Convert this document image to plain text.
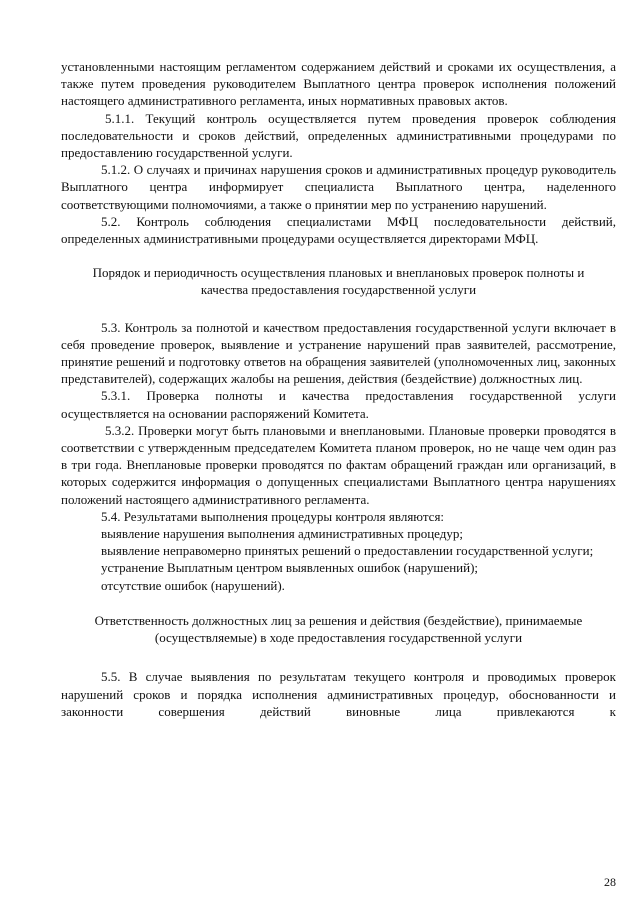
установленными настоящим регламентом содержанием действий и сроками их осуществления, а также путем проведения руководителем Выплатного центра проверок исполнения положений настоящего административного регламента, иных нормативных правовых актов.

5.1.1. Текущий контроль осуществляется путем проведения проверок соблюдения последовательности и сроков действий, определенных административными процедурами по предоставлению государственной услуги.

5.1.2. О случаях и причинах нарушения сроков и административных процедур руководитель Выплатного центра информирует специалиста Выплатного центра, наделенного соответствующими полномочиями, а также о принятии мер по устранению нарушений.

5.2. Контроль соблюдения специалистами МФЦ последовательности действий, определенных административными процедурами осуществляется директорами МФЦ.

Порядок и периодичность осуществления плановых и внеплановых проверок полноты и качества предоставления государственной услуги

5.3. Контроль за полнотой и качеством предоставления государственной услуги включает в себя проведение проверок, выявление и устранение нарушений прав заявителей, рассмотрение, принятие решений и подготовку ответов на обращения заявителей (уполномоченных лиц, законных представителей), содержащих жалобы на решения, действия (бездействие) должностных лиц.

5.3.1. Проверка полноты и качества предоставления государственной услуги осуществляется на основании распоряжений Комитета.

5.3.2. Проверки могут быть плановыми и внеплановыми. Плановые проверки проводятся в соответствии с утвержденным председателем Комитета планом проверок, но не чаще чем один раз в три года. Внеплановые проверки проводятся по фактам обращений граждан или организаций, в которых содержится информация о допущенных специалистами Выплатного центра нарушениях положений настоящего административного регламента.

5.4. Результатами выполнения процедуры контроля являются:

выявление нарушения выполнения административных процедур;

выявление неправомерно принятых решений о предоставлении государственной услуги;

устранение Выплатным центром выявленных ошибок (нарушений);

отсутствие ошибок (нарушений).

Ответственность должностных лиц за решения и действия (бездействие), принимаемые (осуществляемые) в ходе предоставления государственной услуги

5.5. В случае выявления по результатам текущего контроля и проводимых проверок нарушений сроков и порядка исполнения административных процедур, обоснованности и законности совершения действий виновные лица привлекаются к

28
